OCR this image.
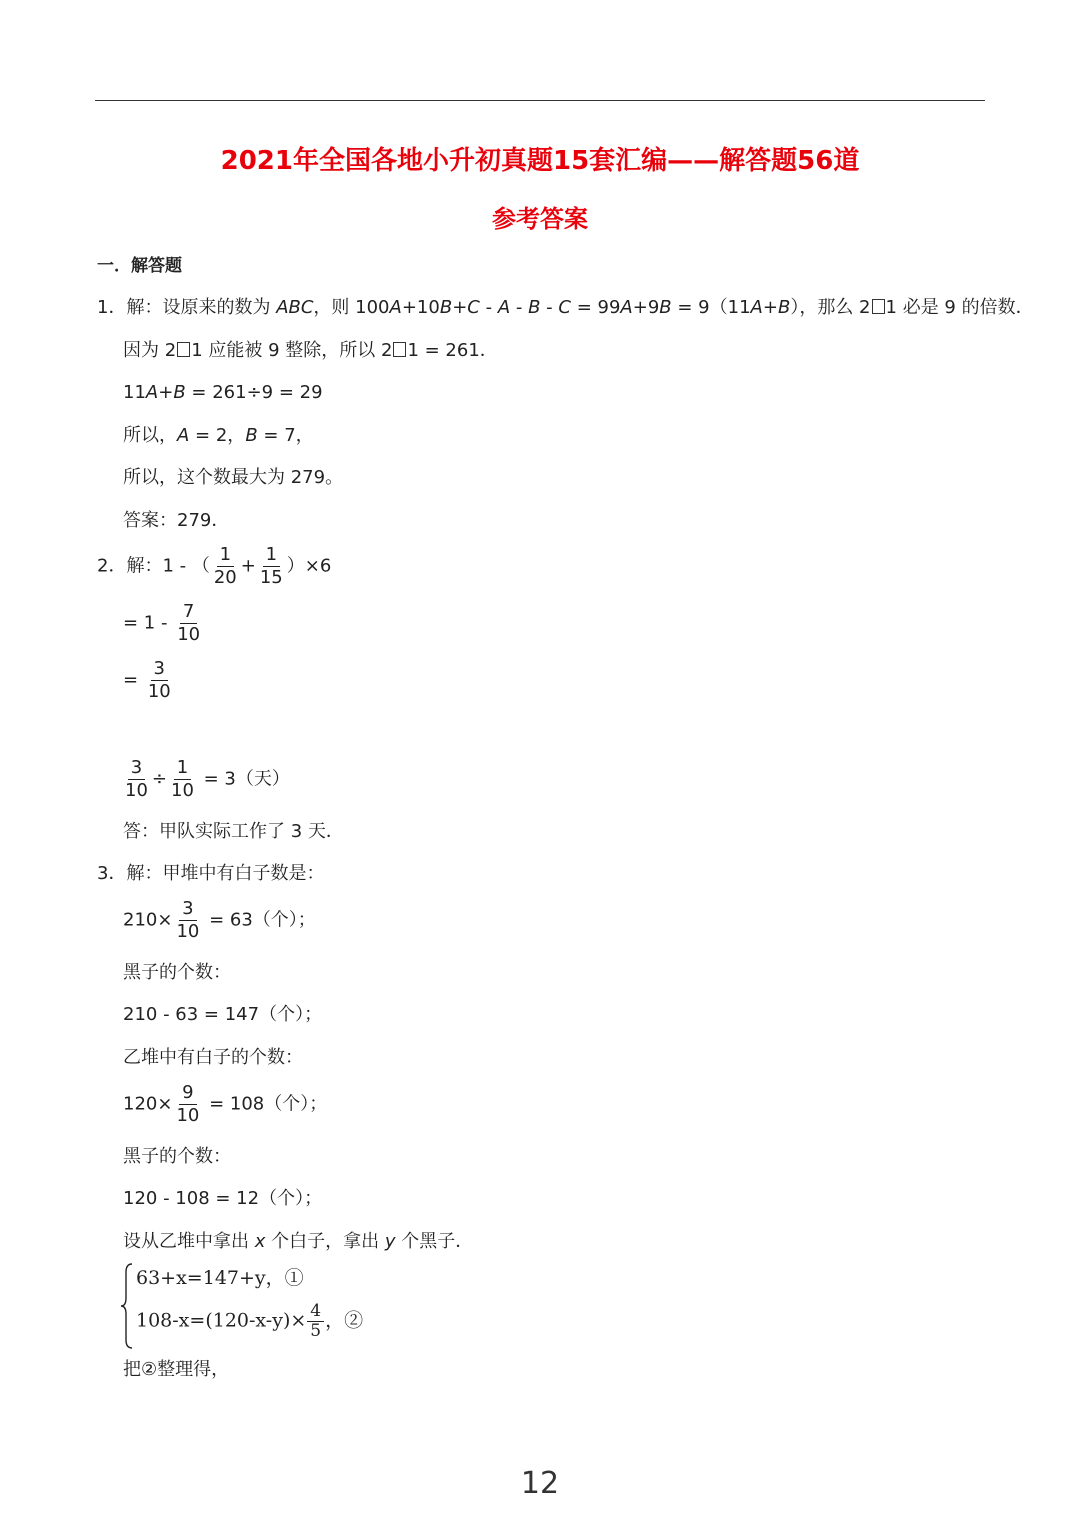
2021年全国各地小升初真题15套汇编——解答题56道
参考答案
一．解答题
1．解：设原来的数为 ABC，则 100A+10B+C - A - B - C = 99A+9B = 9（11A+B），那么 2 1 必是 9 的倍数．
因为 2 1 应能被 9 整除，所以 2 1 = 261．
11A+B = 261÷9 = 29
所以，A = 2，B = 7，
所以，这个数最大为 279。
答案：279．
2．解：1 - （ $\frac{1}{20} + \frac{1}{15} )\times 6$
= $1 - \frac{7}{10}$
= $\frac{3}{10}$
$\frac{3}{10} \div \frac{1}{10} = 3$（天）
答：甲队实际工作了 3 天．
3．解：甲堆中有白子数是：
$210\times \frac{3}{10} = 63$（个）；
黑子的个数：
210 - 63 = 147（个）；
乙堆中有白子的个数：
$120\times \frac{9}{10} = 108$（个）；
黑子的个数：
120 - 108 = 12（个）；
设从乙堆中拿出 x 个白子，拿出 y 个黑子．
63+x=147+y，①
$108-x=(120-x-y)\times \frac{4}{5}$ ，②
把②整理得，
12
